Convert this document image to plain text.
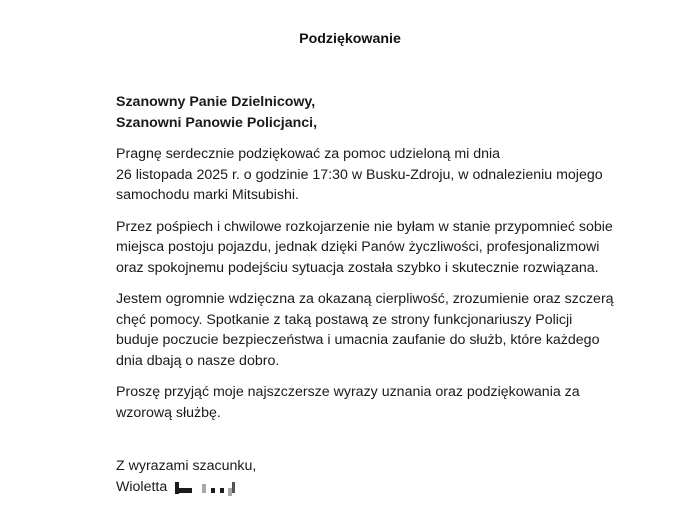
Podziękowanie
Szanowny Panie Dzielnicowy,
Szanowni Panowie Policjanci,
Pragnę serdecznie podziękować za pomoc udzieloną mi dnia
26 listopada 2025 r. o godzinie 17:30 w Busku-Zdroju, w odnalezieniu mojego
samochodu marki Mitsubishi.
Przez pośpiech i chwilowe rozkojarzenie nie byłam w stanie przypomnieć sobie
miejsca postoju pojazdu, jednak dzięki Panów życzliwości, profesjonalizmowi
oraz spokojnemu podejściu sytuacja została szybko i skutecznie rozwiązana.
Jestem ogromnie wdzięczna za okazaną cierpliwość, zrozumienie oraz szczerą
chęć pomocy. Spotkanie z taką postawą ze strony funkcjonariuszy Policji
buduje poczucie bezpieczeństwa i umacnia zaufanie do służb, które każdego
dnia dbają o nasze dobro.
Proszę przyjąć moje najszczersze wyrazy uznania oraz podziękowania za
wzorową służbę.
Z wyrazami szacunku,
Wioletta
